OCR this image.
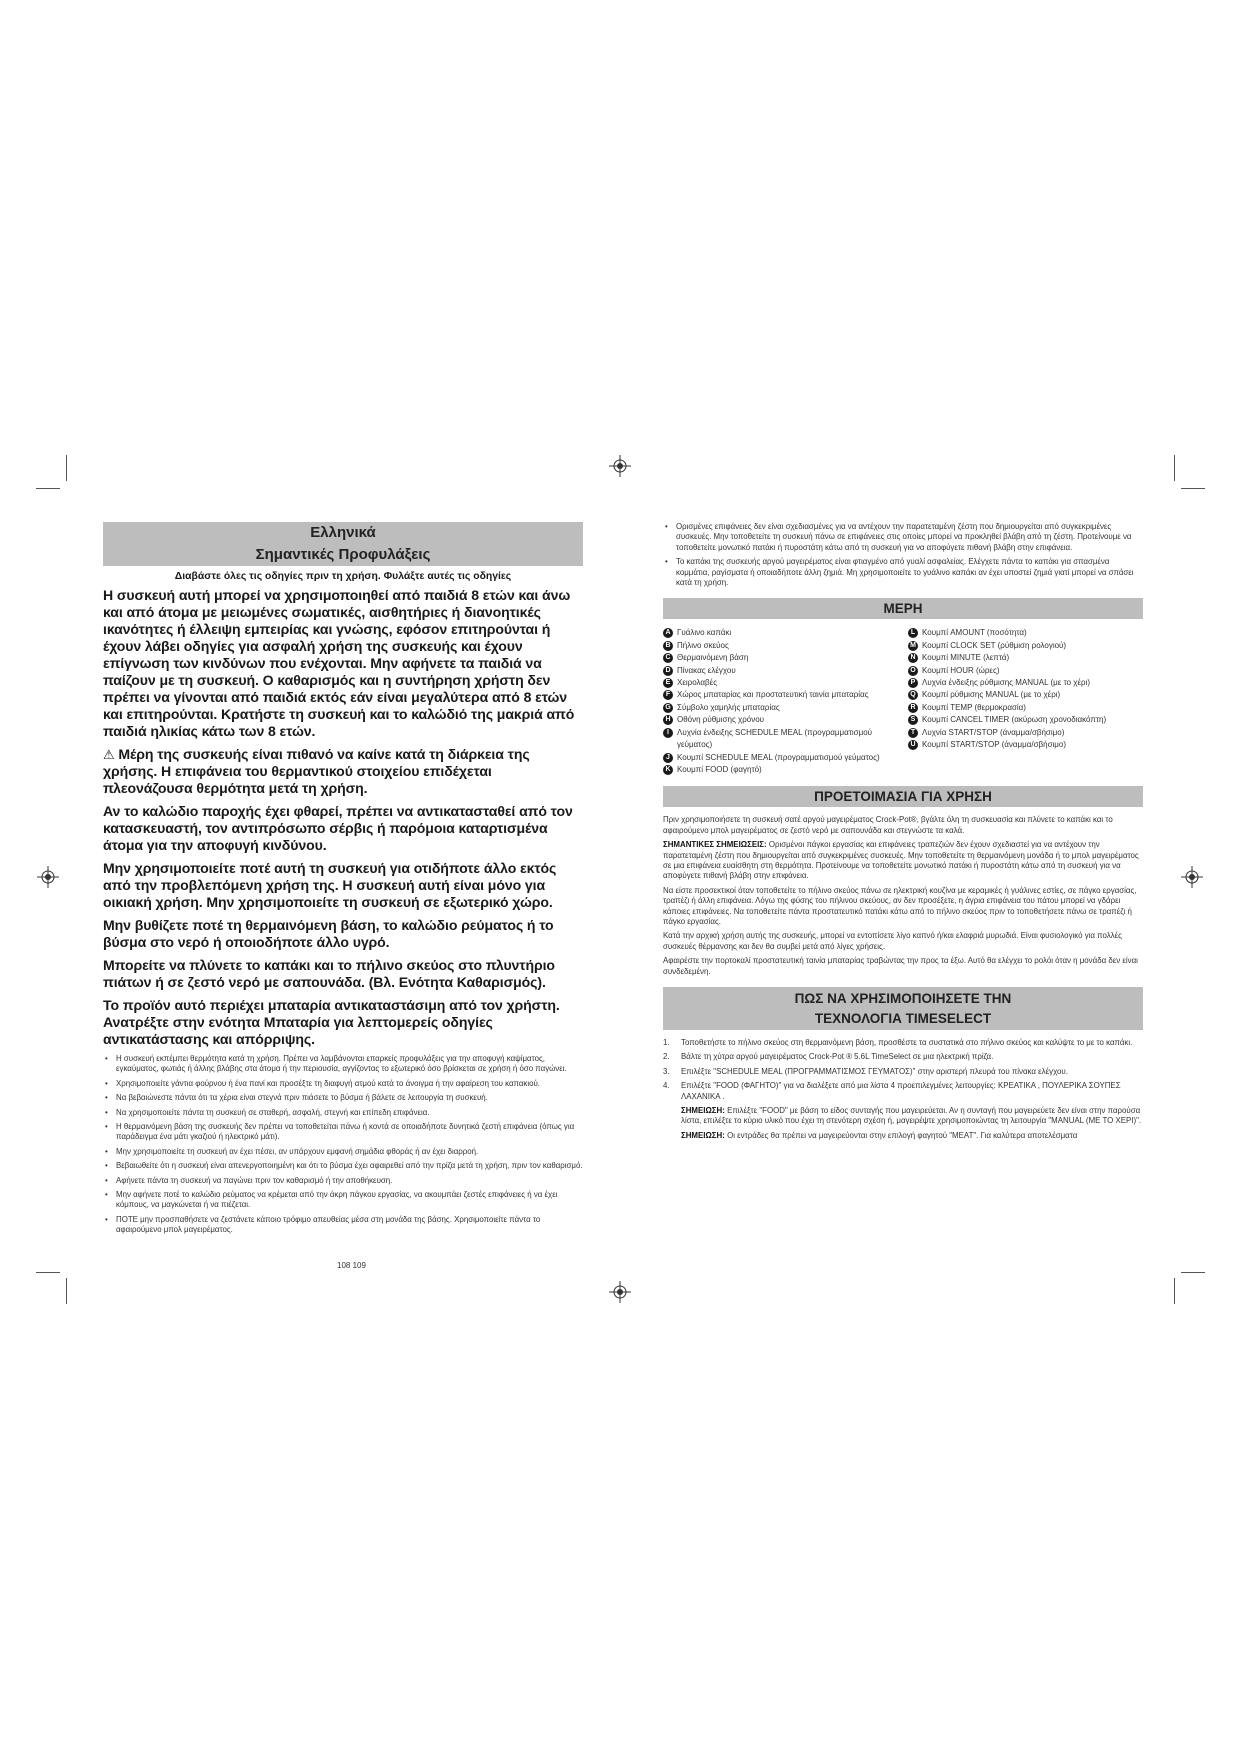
Ελληνικά
Σημαντικές Προφυλάξεις
Διαβάστε όλες τις οδηγίες πριν τη χρήση. Φυλάξτε αυτές τις οδηγίες

Η συσκευή αυτή μπορεί να χρησιμοποιηθεί από παιδιά 8 ετών και άνω και από άτομα με μειωμένες σωματικές, αισθητήριες ή διανοητικές ικανότητες ή έλλειψη εμπειρίας και γνώσης, εφόσον επιτηρούνται ή έχουν λάβει οδηγίες για ασφαλή χρήση της συσκευής και έχουν επίγνωση των κινδύνων που ενέχονται. Μην αφήνετε τα παιδιά να παίζουν με τη συσκευή. Ο καθαρισμός και η συντήρηση χρήστη δεν πρέπει να γίνονται από παιδιά εκτός εάν είναι μεγαλύτερα από 8 ετών και επιτηρούνται. Κρατήστε τη συσκευή και το καλώδιό της μακριά από παιδιά ηλικίας κάτω των 8 ετών.

⚠ Μέρη της συσκευής είναι πιθανό να καίνε κατά τη διάρκεια της χρήσης. Η επιφάνεια του θερμαντικού στοιχείου επιδέχεται πλεονάζουσα θερμότητα μετά τη χρήση.

Αν το καλώδιο παροχής έχει φθαρεί, πρέπει να αντικατασταθεί από τον κατασκευαστή, τον αντιπρόσωπο σέρβις ή παρόμοια καταρτισμένα άτομα για την αποφυγή κινδύνου.

Μην χρησιμοποιείτε ποτέ αυτή τη συσκευή για οτιδήποτε άλλο εκτός από την προβλεπόμενη χρήση της. Η συσκευή αυτή είναι μόνο για οικιακή χρήση. Μην χρησιμοποιείτε τη συσκευή σε εξωτερικό χώρο.

Μην βυθίζετε ποτέ τη θερμαινόμενη βάση, το καλώδιο ρεύματος ή το βύσμα στο νερό ή οποιοδήποτε άλλο υγρό.

Μπορείτε να πλύνετε το καπάκι και το πήλινο σκεύος στο πλυντήριο πιάτων ή σε ζεστό νερό με σαπουνάδα. (Βλ. Ενότητα Καθαρισμός).

Το προϊόν αυτό περιέχει μπαταρία αντικαταστάσιμη από τον χρήστη. Ανατρέξτε στην ενότητα Μπαταρία για λεπτομερείς οδηγίες αντικατάστασης και απόρριψης.

• Η συσκευή εκπέμπει θερμότητα κατά τη χρήση. Πρέπει να λαμβάνονται επαρκείς προφυλάξεις για την αποφυγή καψίματος, εγκαύματος, φωτιάς ή άλλης βλάβης στα άτομα ή την περιουσία, αγγίζοντας το εξωτερικό όσο βρίσκεται σε χρήση ή όσο παγώνει.
• Χρησιμοποιείτε γάντια φούρνου ή ένα πανί και προσέξτε τη διαφυγή ατμού κατά το άνοιγμα ή την αφαίρεση του καπακιού.
• Να βεβαιώνεστε πάντα ότι τα χέρια είναι στεγνά πριν πιάσετε το βύσμα ή βάλετε σε λειτουργία τη συσκευή.
• Να χρησιμοποιείτε πάντα τη συσκευή σε σταθερή, ασφαλή, στεγνή και επίπεδη επιφάνεια.
• Η θερμαινόμενη βάση της συσκευής δεν πρέπει να τοποθετείται πάνω ή κοντά σε οποιαδήποτε δυνητικά ζεστή επιφάνεια (όπως για παράδειγμα ένα μάτι γκαζιού ή ηλεκτρικό μάτι).
• Μην χρησιμοποιείτε τη συσκευή αν έχει πέσει, αν υπάρχουν εμφανή σημάδια φθοράς ή αν έχει διαρροή.
• Βεβαιωθείτε ότι η συσκευή είναι απενεργοποιημένη και ότι το βύσμα έχει αφαιρεθεί από την πρίζα μετά τη χρήση, πριν τον καθαρισμό.
• Αφήνετε πάντα τη συσκευή να παγώνει πριν τον καθαρισμό ή την αποθήκευση.
• Μην αφήνετε ποτέ το καλώδιο ρεύματος να κρέμεται από την άκρη πάγκου εργασίας, να ακουμπάει ζεστές επιφάνειες ή να έχει κόμπους, να μαγκώνεται ή να πιέζεται.
• ΠΟΤΕ μην προσπαθήσετε να ζεστάνετε κάποιο τρόφιμο απευθείας μέσα στη μονάδα της βάσης. Χρησιμοποιείτε πάντα το αφαιρούμενο μπολ μαγειρέματος.
108 109
• Ορισμένες επιφάνειες δεν είναι σχεδιασμένες για να αντέχουν την παρατεταμένη ζέστη που δημιουργείται από συγκεκριμένες συσκευές. Μην τοποθετείτε τη συσκευή πάνω σε επιφάνειες στις οποίες μπορεί να προκληθεί βλάβη από τη ζέστη. Προτείνουμε να τοποθετείτε μονωτικό πατάκι ή πυροστάτη κάτω από τη συσκευή για να αποφύγετε πιθανή βλάβη στην επιφάνεια.
• Το καπάκι της συσκευής αργού μαγειρέματος είναι φτιαγμένο από γυαλί ασφαλείας. Ελέγχετε πάντα το καπάκι για σπασμένα κομμάτια, ραγίσματα ή οποιαδήποτε άλλη ζημιά. Μη χρησιμοποιείτε το γυάλινο καπάκι αν έχει υποστεί ζημιά γιατί μπορεί να σπάσει κατά τη χρήση.
ΜΕΡΗ
A Γυάλινο καπάκι
B Πήλινο σκεύος
C Θερμαινόμενη βάση
D Πίνακας ελέγχου
E Χειρολαβές
F Χώρος μπαταρίας και προστατευτική ταινία μπαταρίας
G Σύμβολο χαμηλής μπαταρίας
H Οθόνη ρύθμισης χρόνου
I	Λυχνία ένδειξης SCHEDULE MEAL (προγραμματισμού γεύματος)
J Κουμπί SCHEDULE MEAL (προγραμματισμού γεύματος)
K Κουμπί FOOD (φαγητό)
L Κουμπί AMOUNT (ποσότητα)
M Κουμπί CLOCK SET (ρύθμιση ρολογιού)
N Κουμπί MINUTE (λεπτά)
O Κουμπί HOUR (ώρες)
P Λυχνία ένδειξης ρύθμισης MANUAL (με το χέρι)
Q Κουμπί ρύθμισης MANUAL (με το χέρι)
R Κουμπί TEMP (θερμοκρασία)
S Κουμπί CANCEL TIMER (ακύρωση χρονοδιακόπτη)
T Λυχνία START/STOP (άναμμα/σβήσιμο)
U Κουμπί START/STOP (άναμμα/σβήσιμο)
ΠΡΟΕΤΟΙΜΑΣΙΑ ΓΙΑ ΧΡΗΣΗ

Πριν χρησιμοποιήσετε τη συσκευή σατέ αργού μαγειρέματος Crock-Pot®, βγάλτε όλη τη συσκευασία και πλύνετε το καπάκι και το αφαιρούμενο μπολ μαγειρέματος σε ζεστό νερό με σαπουνάδα και στεγνώστε τα καλά.

ΣΗΜΑΝΤΙΚΕΣ ΣΗΜΕΙΩΣΕΙΣ: Ορισμένοι πάγκοι εργασίας και επιφάνειες τραπεζιών δεν έχουν σχεδιαστεί για να αντέχουν την παρατεταμένη ζέστη που δημιουργείται από συγκεκριμένες συσκευές. Μην τοποθετείτε τη θερμαινόμενη μονάδα ή το μπολ μαγειρέματος σε μια επιφάνεια ευαίσθητη στη θερμότητα. Προτείνουμε να τοποθετείτε μονωτικό πατάκι ή πυροστάτη κάτω από τη συσκευή για να αποφύγετε πιθανή βλάβη στην επιφάνεια.

Να είστε προσεκτικοί όταν τοποθετείτε το πήλινο σκεύος πάνω σε ηλεκτρική κουζίνα με κεραμικές ή γυάλινες εστίες, σε πάγκο εργασίας, τραπέζι ή άλλη επιφάνεια. Λόγω της φύσης του πήλινου σκεύους, αν δεν προσέξετε, η άγρια επιφάνεια του πάτου μπορεί να γδάρει κάποιες επιφάνειες. Να τοποθετείτε πάντα προστατευτικό πατάκι κάτω από το πήλινο σκεύος πριν το τοποθετήσετε πάνω σε τραπέζι ή πάγκο εργασίας.

Κατά την αρχική χρήση αυτής της συσκευής, μπορεί να εντοπίσετε λίγο καπνό ή/και ελαφριά μυρωδιά. Είναι φυσιολογικό για πολλές συσκευές θέρμανσης και δεν θα συμβεί μετά από λίγες χρήσεις.

Αφαιρέστε την πορτοκαλί προστατευτική ταινία μπαταρίας τραβώντας την προς τα έξω. Αυτό θα ελέγχει το ρολόι όταν η μονάδα δεν είναι συνδεδεμένη.

ΠΩΣ ΝΑ ΧΡΗΣΙΜΟΠΟΙΗΣΕΤΕ ΤΗΝ
ΤΕΧΝΟΛΟΓΙΑ TIMESELECT
1. Τοποθετήστε το πήλινο σκεύος στη θερμαινόμενη βάση, προσθέστε τα συστατικά στο πήλινο σκεύος και καλύψτε το με το καπάκι.
2. Βάλτε τη χύτρα αργού μαγειρέματος Crock-Pot ® 5.6L TimeSelect σε μια ηλεκτρική πρίζα.
3. Επιλέξτε "SCHEDULE MEAL (ΠΡΟΓΡΑΜΜΑΤΙΣΜΟΣ ΓΕΥΜΑΤΟΣ)" στην αριστερή πλευρά του πίνακα ελέγχου.
4. Επιλέξτε "FOOD (ΦΑΓΗΤΟ)" για να διαλέξετε από μια λίστα 4 προεπιλεγμένες λειτουργίες: ΚΡΕΑΤΙΚΑ , ΠΟΥΛΕΡΙΚΑ ΣΟΥΠΕΣ ΛΑΧΑΝΙΚΑ .

ΣΗΜΕΙΩΣΗ: Επιλέξτε "FOOD" με βάση το είδος συνταγής που μαγειρεύεται. Αν η συνταγή που μαγειρεύετε δεν είναι στην παρούσα λίστα, επιλέξτε το κύριο υλικό που έχει τη στενότερη σχέση ή, μαγειρέψτε χρησιμοποιώντας τη λειτουργία "MANUAL (ΜΕ ΤΟ ΧΕΡΙ)".

ΣΗΜΕΙΩΣΗ: Οι εντράδες θα πρέπει να μαγειρεύονται στην επιλογή φαγητού "MEAT". Για καλύτερα αποτελέσματα
